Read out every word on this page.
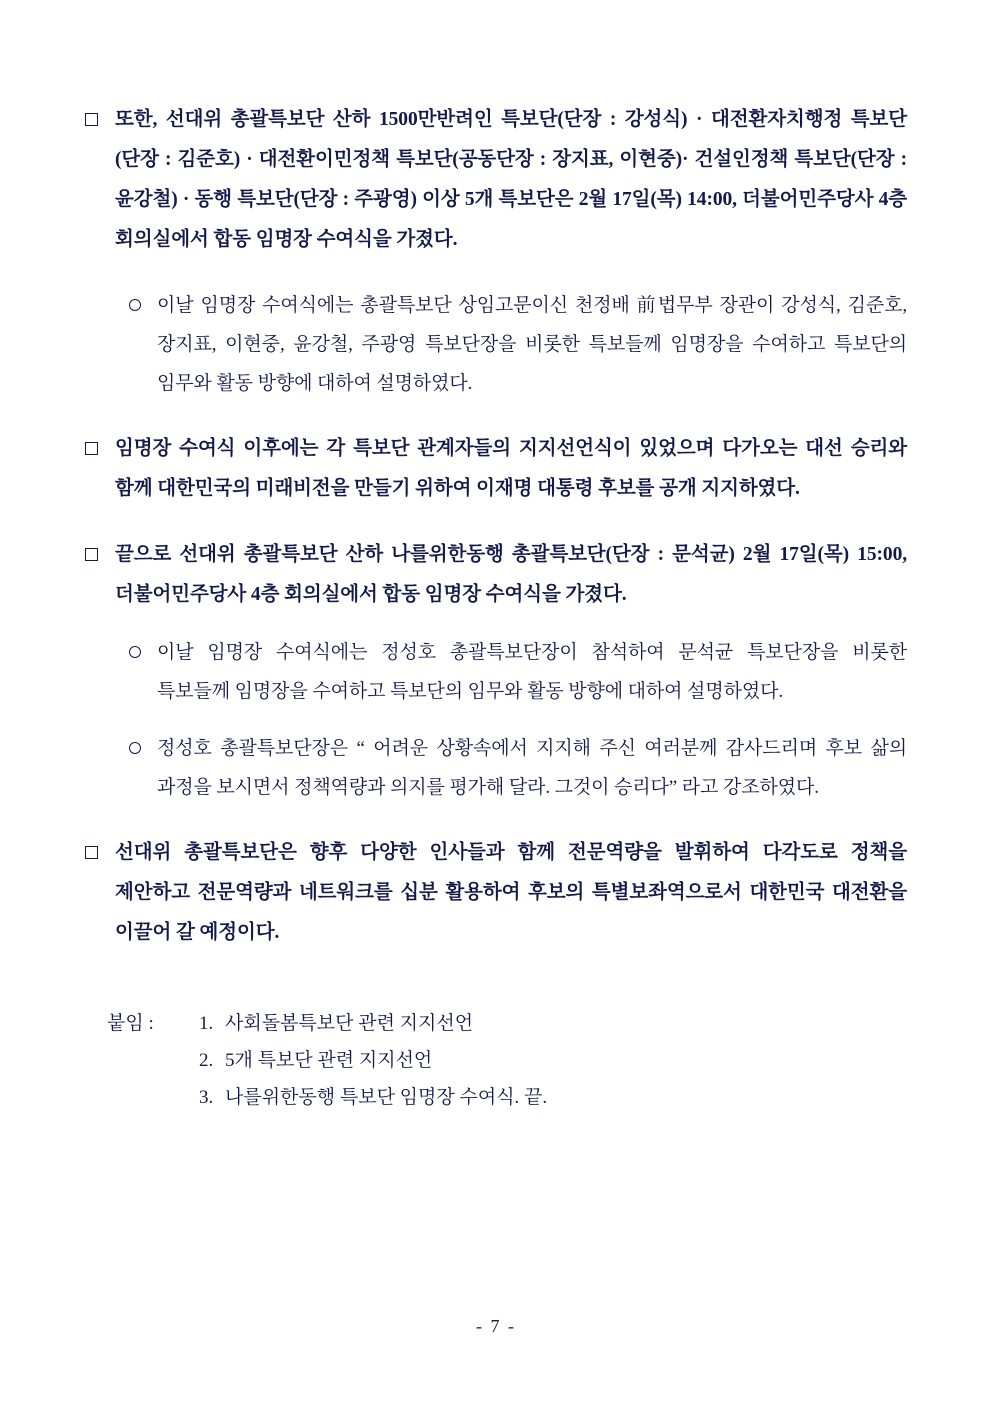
또한, 선대위 총괄특보단 산하 1500만반려인 특보단(단장 : 강성식) · 대전환자치행정 특보단(단장 : 김준호) · 대전환이민정책 특보단(공동단장 : 장지표, 이현중)· 건설인정책 특보단(단장 : 윤강철) · 동행 특보단(단장 : 주광영) 이상 5개 특보단은 2월 17일(목) 14:00, 더불어민주당사 4층 회의실에서 합동 임명장 수여식을 가졌다.
이날 임명장 수여식에는 총괄특보단 상임고문이신 천정배 前법무부 장관이 강성식, 김준호, 장지표, 이현중, 윤강철, 주광영 특보단장을 비롯한 특보들께 임명장을 수여하고 특보단의 임무와 활동 방향에 대하여 설명하였다.
임명장 수여식 이후에는 각 특보단 관계자들의 지지선언식이 있었으며 다가오는 대선 승리와 함께 대한민국의 미래비전을 만들기 위하여 이재명 대통령 후보를 공개 지지하였다.
끝으로 선대위 총괄특보단 산하 나를위한동행 총괄특보단(단장 : 문석균) 2월 17일(목) 15:00, 더불어민주당사 4층 회의실에서 합동 임명장 수여식을 가졌다.
이날 임명장 수여식에는 정성호 총괄특보단장이 참석하여 문석균 특보단장을 비롯한 특보들께 임명장을 수여하고 특보단의 임무와 활동 방향에 대하여 설명하였다.
정성호 총괄특보단장은 “ 어려운 상황속에서 지지해 주신 여러분께 감사드리며 후보 삶의 과정을 보시면서 정책역량과 의지를 평가해 달라. 그것이 승리다” 라고 강조하였다.
선대위 총괄특보단은 향후 다양한 인사들과 함께 전문역량을 발휘하여 다각도로 정책을 제안하고 전문역량과 네트워크를 십분 활용하여 후보의 특별보좌역으로서 대한민국 대전환을 이끌어 갈 예정이다.
붙임 :	1. 사회돌봄특보단 관련 지지선언
2. 5개 특보단 관련 지지선언
3. 나를위한동행 특보단 임명장 수여식. 끝.
- 7 -
